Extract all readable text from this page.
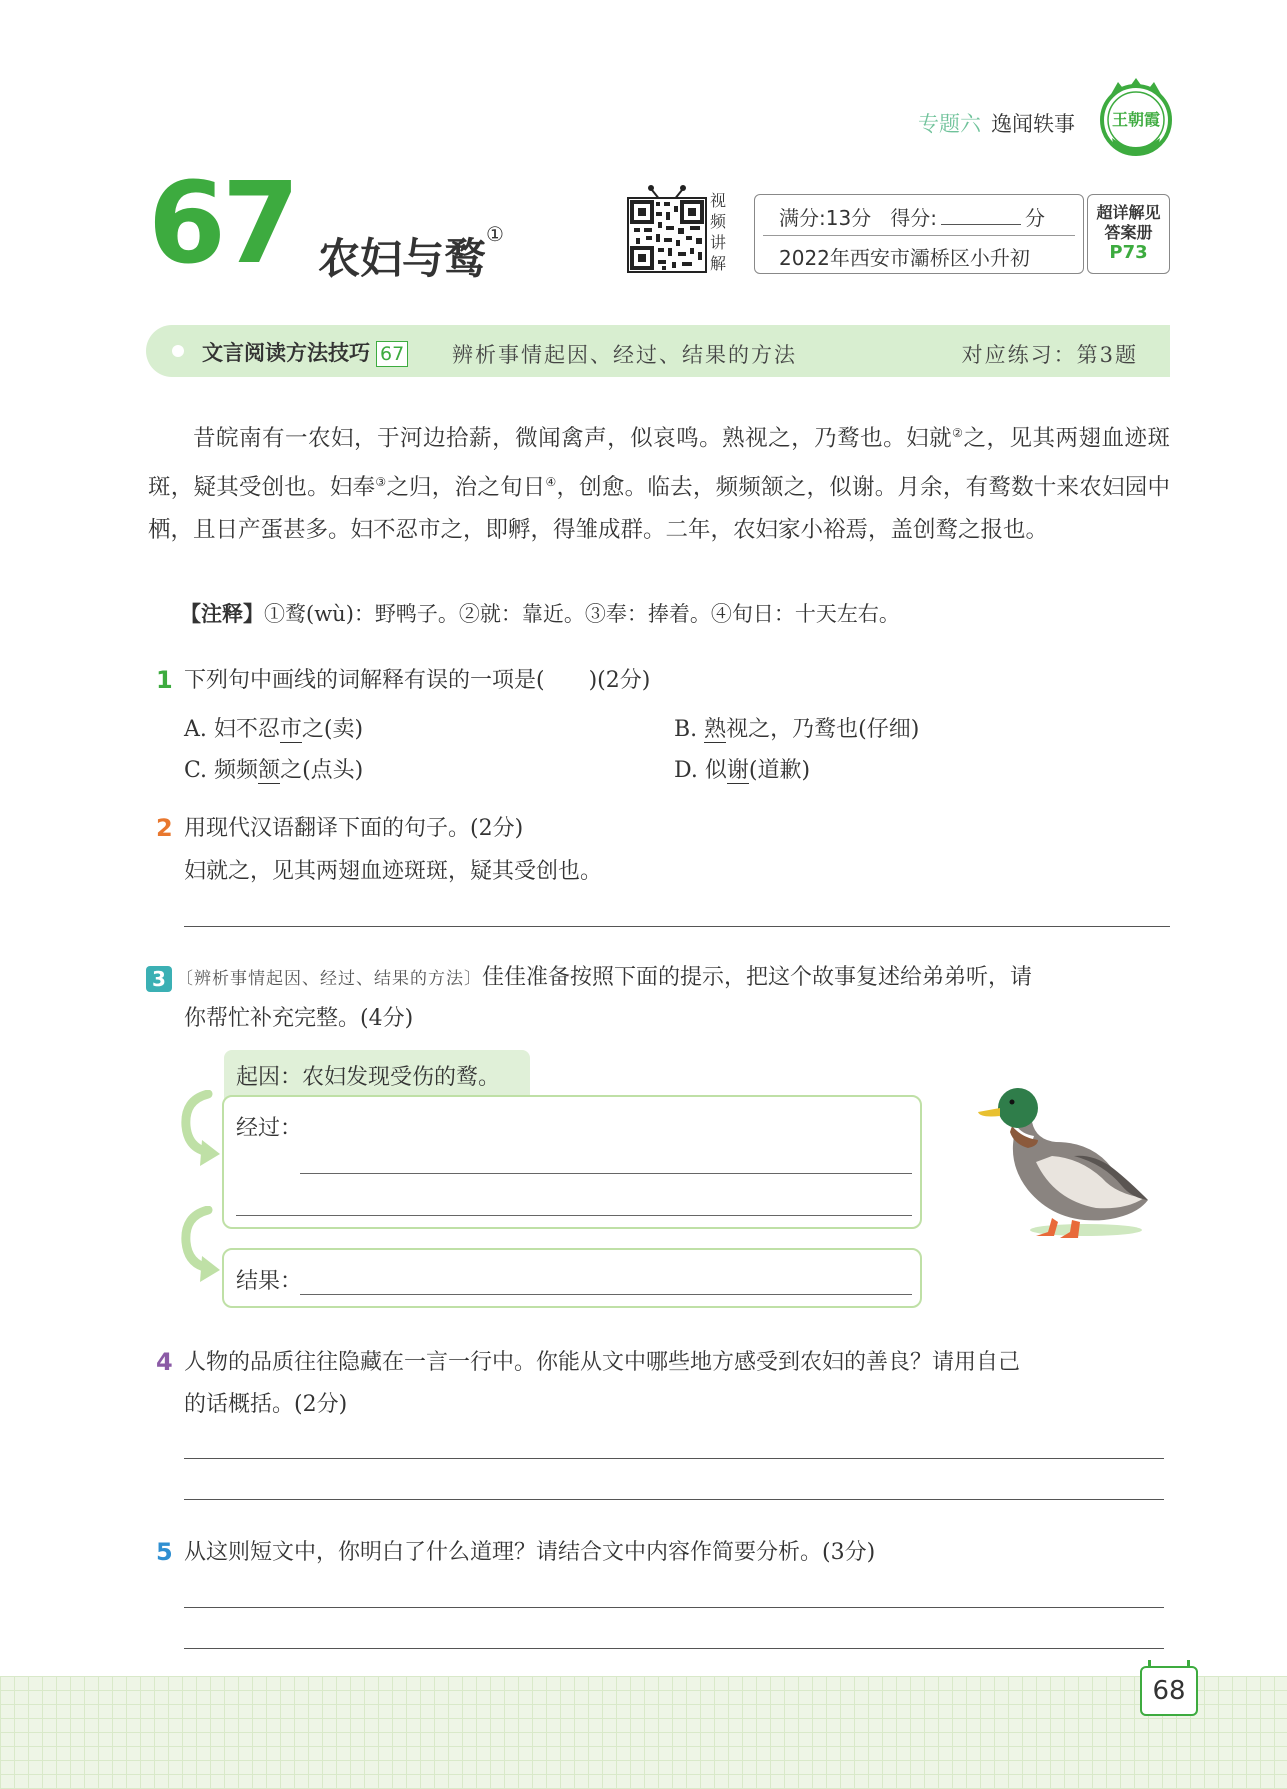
专题六 逸闻轶事 王朝霞
67 农妇与鹜①
视频讲解
满分:13分 得分:	分
2022年西安市灞桥区小升初
超详解见
答案册
P73
文言阅读方法技巧 67 辨析事情起因、经过、结果的方法	对应练习：第3题

昔皖南有一农妇，于河边拾薪，微闻禽声，似哀鸣。熟视之，乃鹜也。妇就②之，见其两翅血迹斑斑，疑其受创也。妇奉③之归，治之旬日④，创愈。临去，频频颔之，似谢。月余，有鹜数十来农妇园中栖，且日产蛋甚多。妇不忍市之，即孵，得雏成群。二年，农妇家小裕焉，盖创鹜之报也。

【注释】①鹜(wù)：野鸭子。②就：靠近。③奉：捧着。④旬日：十天左右。
1 下列句中画线的词解释有误的一项是(　　)(2分)
A. 妇不忍市之(卖)	B. 熟视之，乃鹜也(仔细)
C. 频频颔之(点头)	D. 似谢(道歉)
2 用现代汉语翻译下面的句子。(2分)
妇就之，见其两翅血迹斑斑，疑其受创也。
3 〔辨析事情起因、经过、结果的方法〕佳佳准备按照下面的提示，把这个故事复述给弟弟听，请
你帮忙补充完整。(4分)
起因：农妇发现受伤的鹜。
经过：
结果：
4 人物的品质往往隐藏在一言一行中。你能从文中哪些地方感受到农妇的善良？请用自己
的话概括。(2分)
5 从这则短文中，你明白了什么道理？请结合文中内容作简要分析。(3分)
68
